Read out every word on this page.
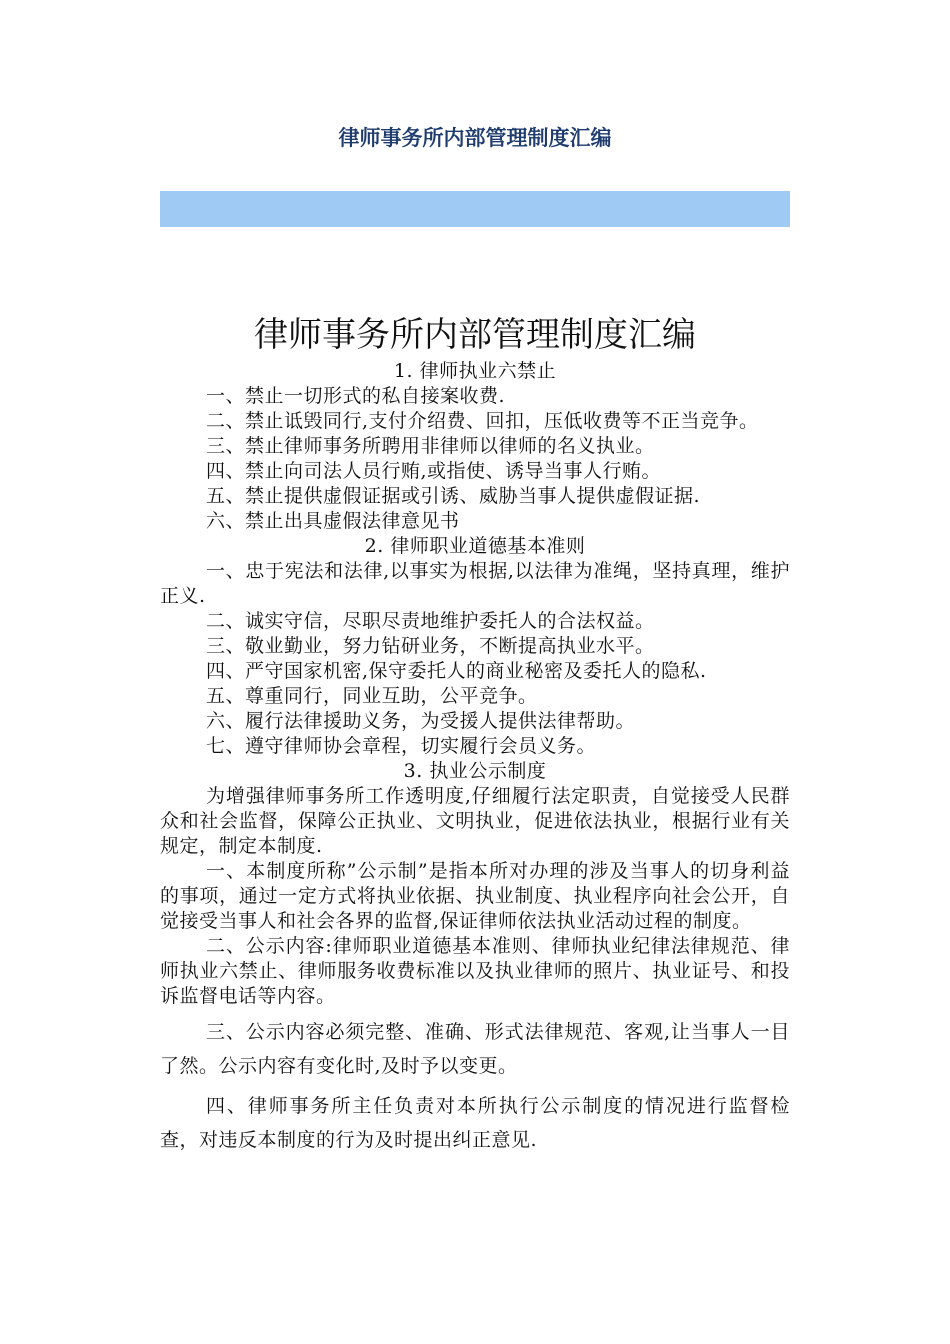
律师事务所内部管理制度汇编
律师事务所内部管理制度汇编

1. 律师执业六禁止

一、禁止一切形式的私自接案收费.

二、禁止诋毁同行,支付介绍费、回扣，压低收费等不正当竞争。

三、禁止律师事务所聘用非律师以律师的名义执业。

四、禁止向司法人员行贿,或指使、诱导当事人行贿。

五、禁止提供虚假证据或引诱、威胁当事人提供虚假证据.

六、禁止出具虚假法律意见书

2. 律师职业道德基本准则

一、忠于宪法和法律,以事实为根据,以法律为准绳，坚持真理，维护正义.

二、诚实守信，尽职尽责地维护委托人的合法权益。

三、敬业勤业，努力钻研业务，不断提高执业水平。

四、严守国家机密,保守委托人的商业秘密及委托人的隐私.

五、尊重同行，同业互助，公平竞争。

六、履行法律援助义务，为受援人提供法律帮助。

七、遵守律师协会章程，切实履行会员义务。

3. 执业公示制度

为增强律师事务所工作透明度,仔细履行法定职责，自觉接受人民群众和社会监督，保障公正执业、文明执业，促进依法执业，根据行业有关规定，制定本制度.

一、本制度所称”公示制”是指本所对办理的涉及当事人的切身利益的事项，通过一定方式将执业依据、执业制度、执业程序向社会公开，自觉接受当事人和社会各界的监督,保证律师依法执业活动过程的制度。

二、公示内容:律师职业道德基本准则、律师执业纪律法律规范、律师执业六禁止、律师服务收费标准以及执业律师的照片、执业证号、和投诉监督电话等内容。

三、公示内容必须完整、准确、形式法律规范、客观,让当事人一目了然。公示内容有变化时,及时予以变更。

四、律师事务所主任负责对本所执行公示制度的情况进行监督检查，对违反本制度的行为及时提出纠正意见.
